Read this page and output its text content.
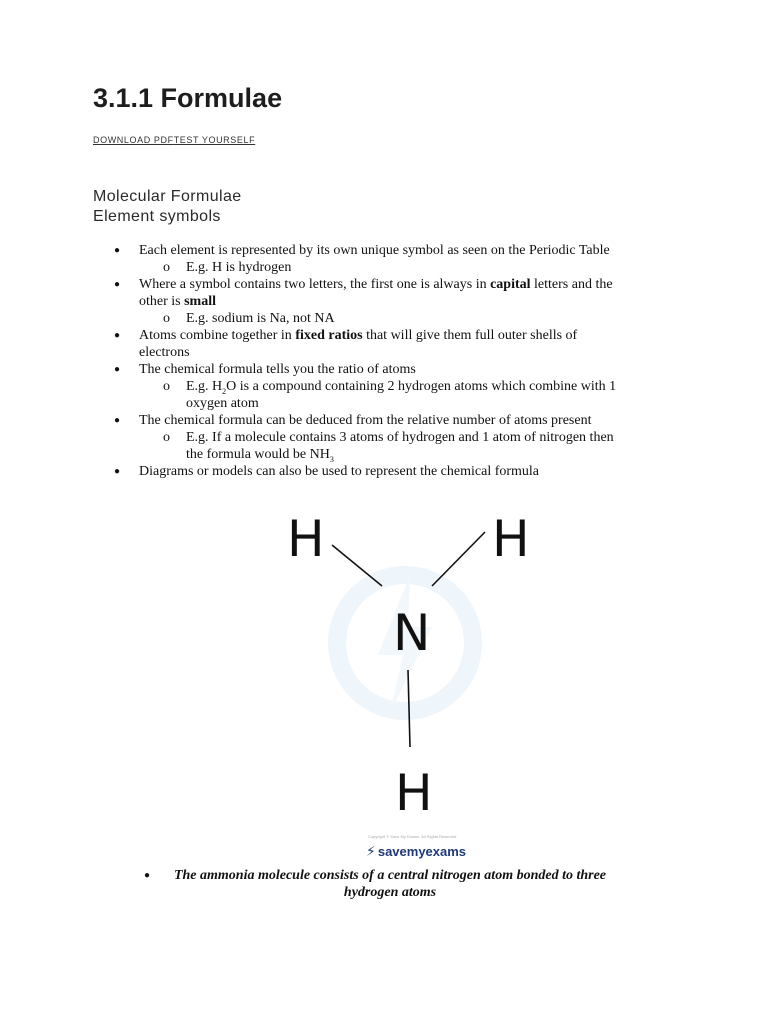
3.1.1 Formulae
DOWNLOAD PDFTEST YOURSELF
Molecular Formulae
Element symbols
● Each element is represented by its own unique symbol as seen on the Periodic Table
o E.g. H is hydrogen
● Where a symbol contains two letters, the first one is always in capital letters and the
other is small
o E.g. sodium is Na, not NA
● Atoms combine together in fixed ratios that will give them full outer shells of
electrons
● The chemical formula tells you the ratio of atoms
o E.g. $H_2O$ is a compound containing 2 hydrogen atoms which combine with 1
oxygen atom
● The chemical formula can be deduced from the relative number of atoms present
o E.g. If a molecule contains 3 atoms of hydrogen and 1 atom of nitrogen then
the formula would be $NH_3$
● Diagrams or models can also be used to represent the chemical formula
H	H
N
H
Copyright © Save My Exams. All Rights Reserved
⚡ savemyexams
●	The ammonia molecule consists of a central nitrogen atom bonded to three
hydrogen atoms
